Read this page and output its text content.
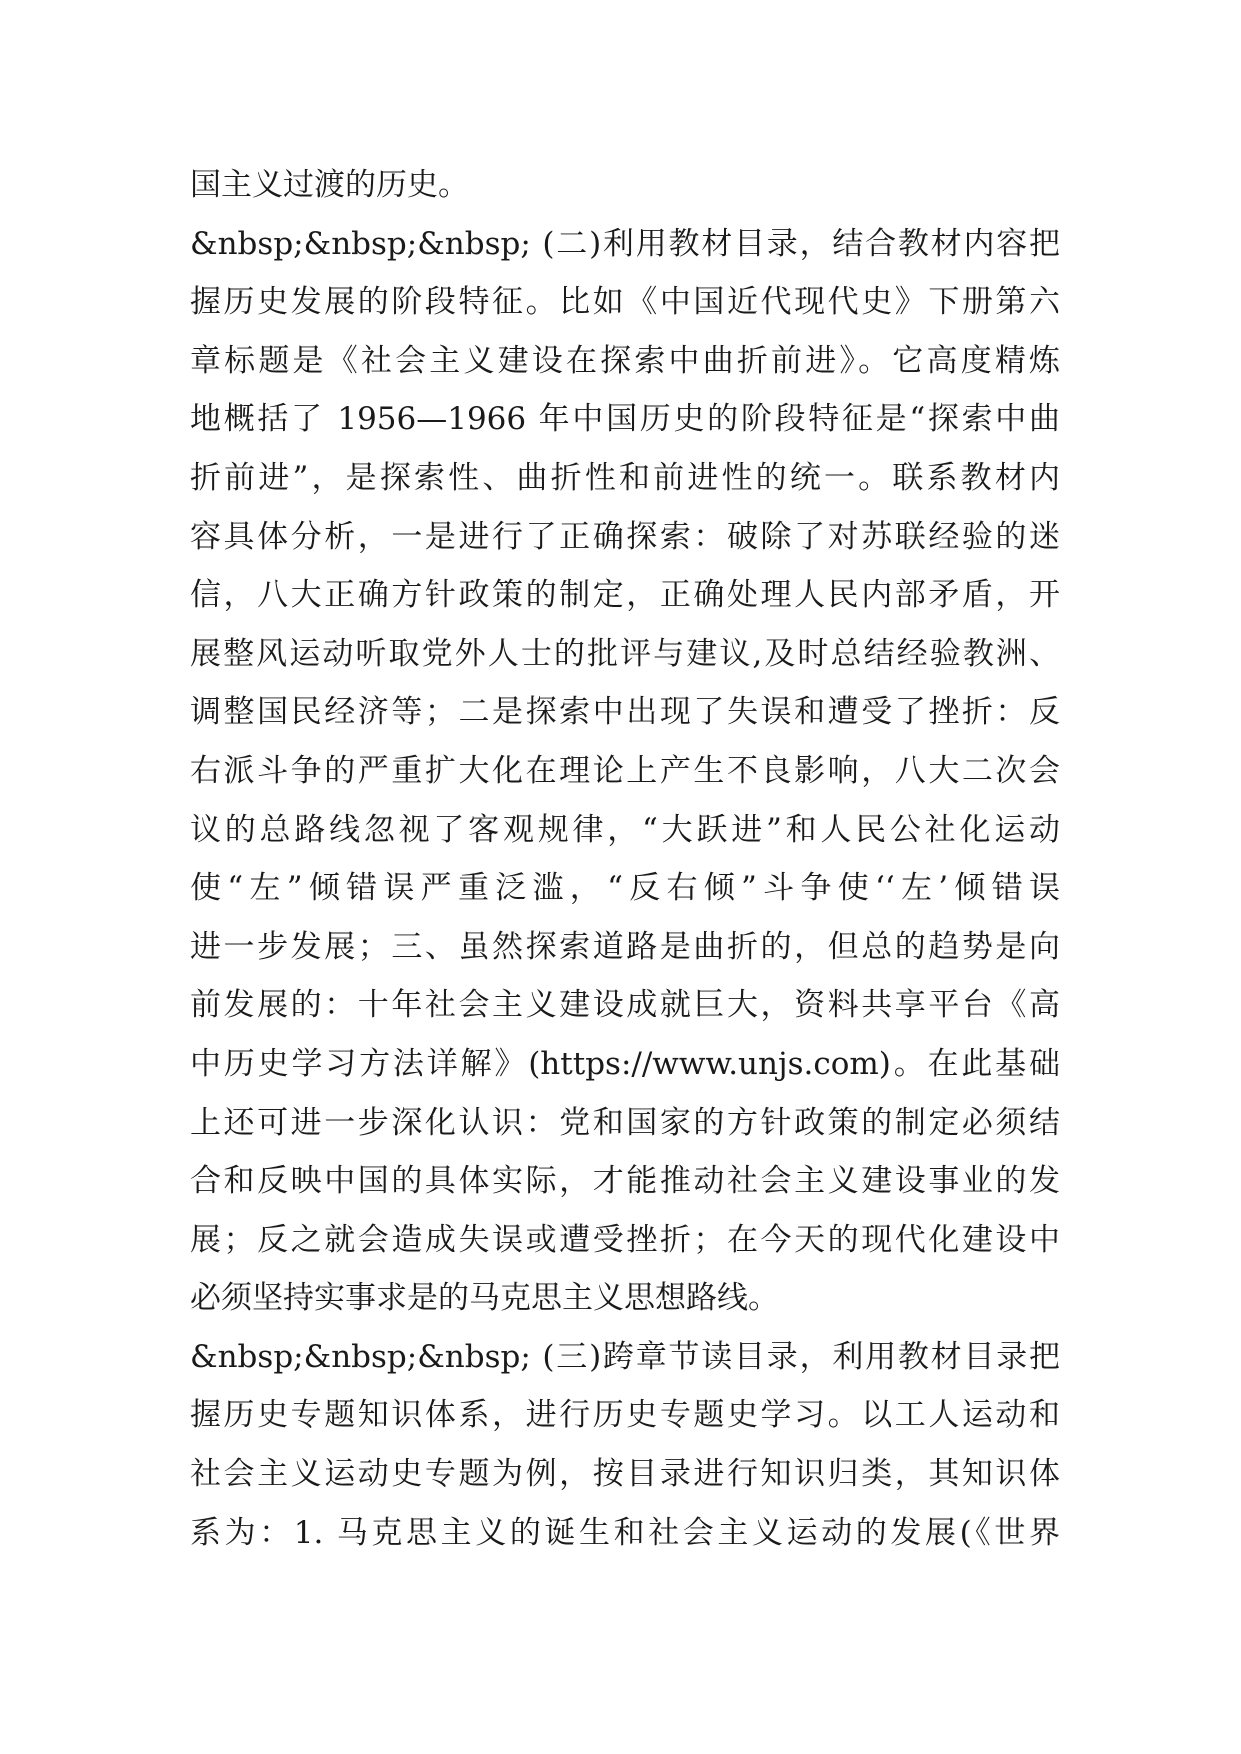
国主义过渡的历史。
&nbsp;&nbsp;&nbsp; (二)利用教材目录，结合教材内容把
握历史发展的阶段特征。比如《中国近代现代史》下册第六
章标题是《社会主义建设在探索中曲折前进》。它高度精炼
地概括了 1956—1966 年中国历史的阶段特征是“探索中曲
折前进”，是探索性、曲折性和前进性的统一。联系教材内
容具体分析，一是进行了正确探索：破除了对苏联经验的迷
信，八大正确方针政策的制定，正确处理人民内部矛盾，开
展整风运动听取党外人士的批评与建议,及时总结经验教洲、
调整国民经济等；二是探索中出现了失误和遭受了挫折：反
右派斗争的严重扩大化在理论上产生不良影响，八大二次会
议的总路线忽视了客观规律，“大跃进”和人民公社化运动
使“左”倾错误严重泛滥，“反右倾”斗争使‘‘左’倾错误
进一步发展；三、虽然探索道路是曲折的，但总的趋势是向
前发展的：十年社会主义建设成就巨大，资料共享平台《高
中历史学习方法详解》(https://www.unjs.com)。在此基础
上还可进一步深化认识：党和国家的方针政策的制定必须结
合和反映中国的具体实际，才能推动社会主义建设事业的发
展；反之就会造成失误或遭受挫折；在今天的现代化建设中
必须坚持实事求是的马克思主义思想路线。
&nbsp;&nbsp;&nbsp; (三)跨章节读目录，利用教材目录把
握历史专题知识体系，进行历史专题史学习。以工人运动和
社会主义运动史专题为例，按目录进行知识归类，其知识体
系为：1. 马克思主义的诞生和社会主义运动的发展(《世界
